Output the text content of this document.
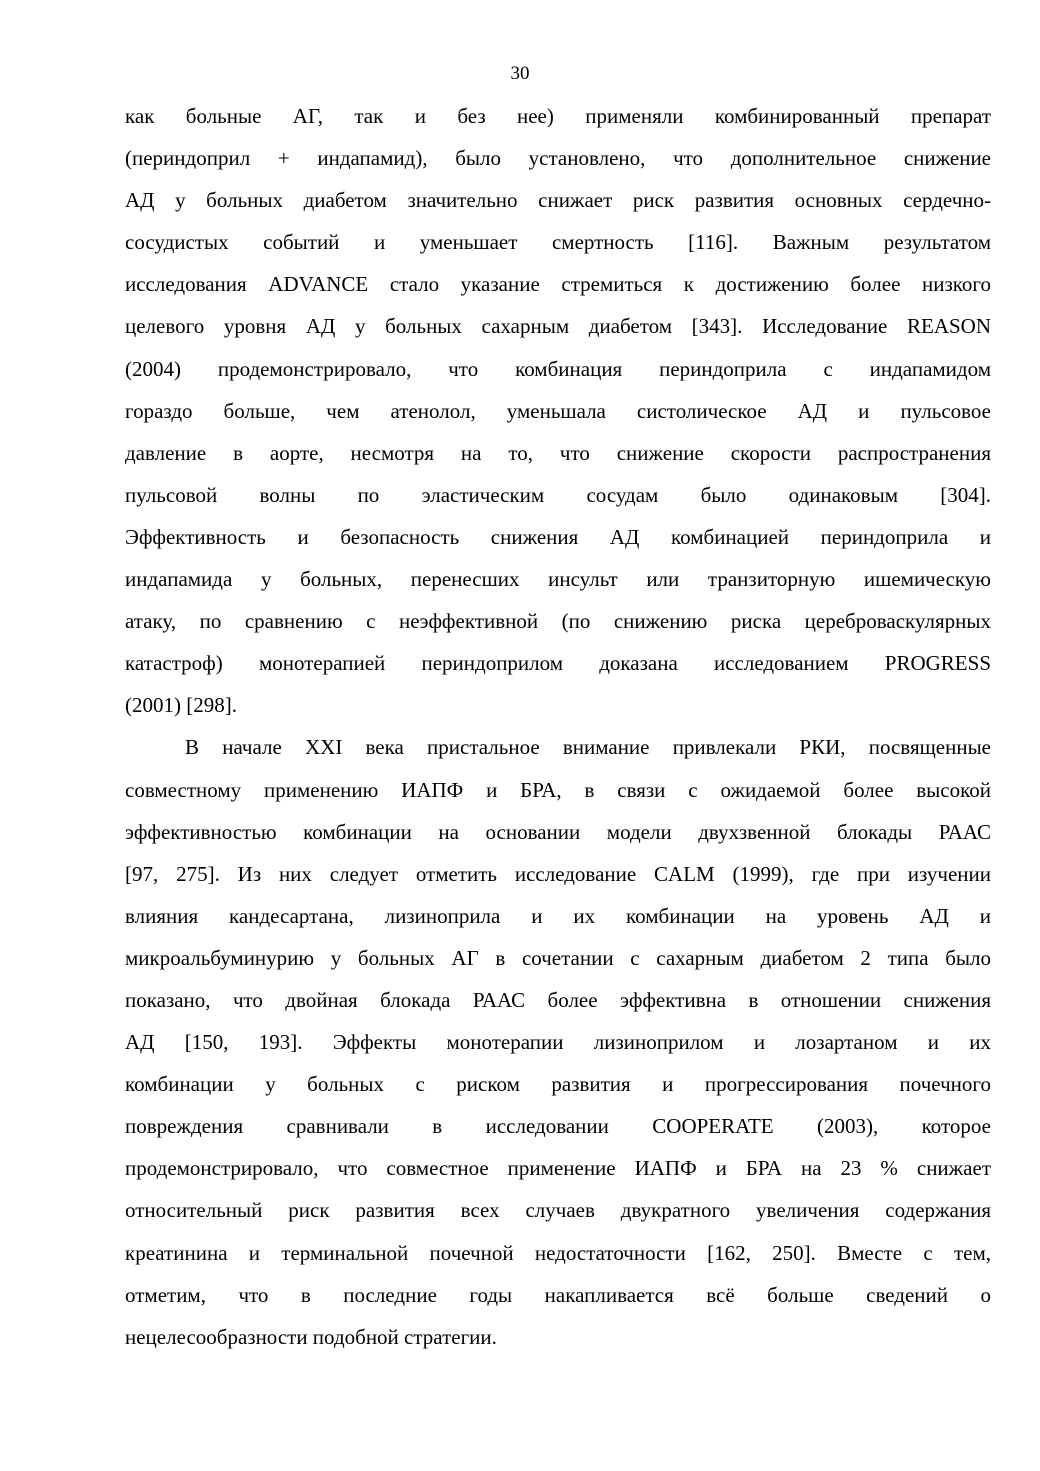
30

как больные АГ, так и без нее) применяли комбинированный препарат
(периндоприл + индапамид), было установлено, что дополнительное снижение
АД у больных диабетом значительно снижает риск развития основных сердечно-
сосудистых событий и уменьшает смертность [116]. Важным результатом
исследования ADVANCE стало указание стремиться к достижению более низкого
целевого уровня АД у больных сахарным диабетом [343]. Исследование REASON
(2004) продемонстрировало, что комбинация периндоприла с индапамидом
гораздо больше, чем атенолол, уменьшала систолическое АД и пульсовое
давление в аорте, несмотря на то, что снижение скорости распространения
пульсовой волны по эластическим сосудам было одинаковым [304].
Эффективность и безопасность снижения АД комбинацией периндоприла и
индапамида у больных, перенесших инсульт или транзиторную ишемическую
атаку, по сравнению с неэффективной (по снижению риска цереброваскулярных
катастроф) монотерапией периндоприлом доказана исследованием PROGRESS
(2001) [298].

В начале XXI века пристальное внимание привлекали РКИ, посвященные
совместному применению ИАПФ и БРА, в связи с ожидаемой более высокой
эффективностью комбинации на основании модели двухзвенной блокады РААС
[97, 275]. Из них следует отметить исследование CALM (1999), где при изучении
влияния кандесартана, лизиноприла и их комбинации на уровень АД и
микроальбуминурию у больных АГ в сочетании с сахарным диабетом 2 типа было
показано, что двойная блокада РААС более эффективна в отношении снижения
АД [150, 193]. Эффекты монотерапии лизиноприлом и лозартаном и их
комбинации у больных с риском развития и прогрессирования почечного
повреждения сравнивали в исследовании COOPERATE (2003), которое
продемонстрировало, что совместное применение ИАПФ и БРА на 23 % снижает
относительный риск развития всех случаев двукратного увеличения содержания
креатинина и терминальной почечной недостаточности [162, 250]. Вместе с тем,
отметим, что в последние годы накапливается всё больше сведений о
нецелесообразности подобной стратегии.
